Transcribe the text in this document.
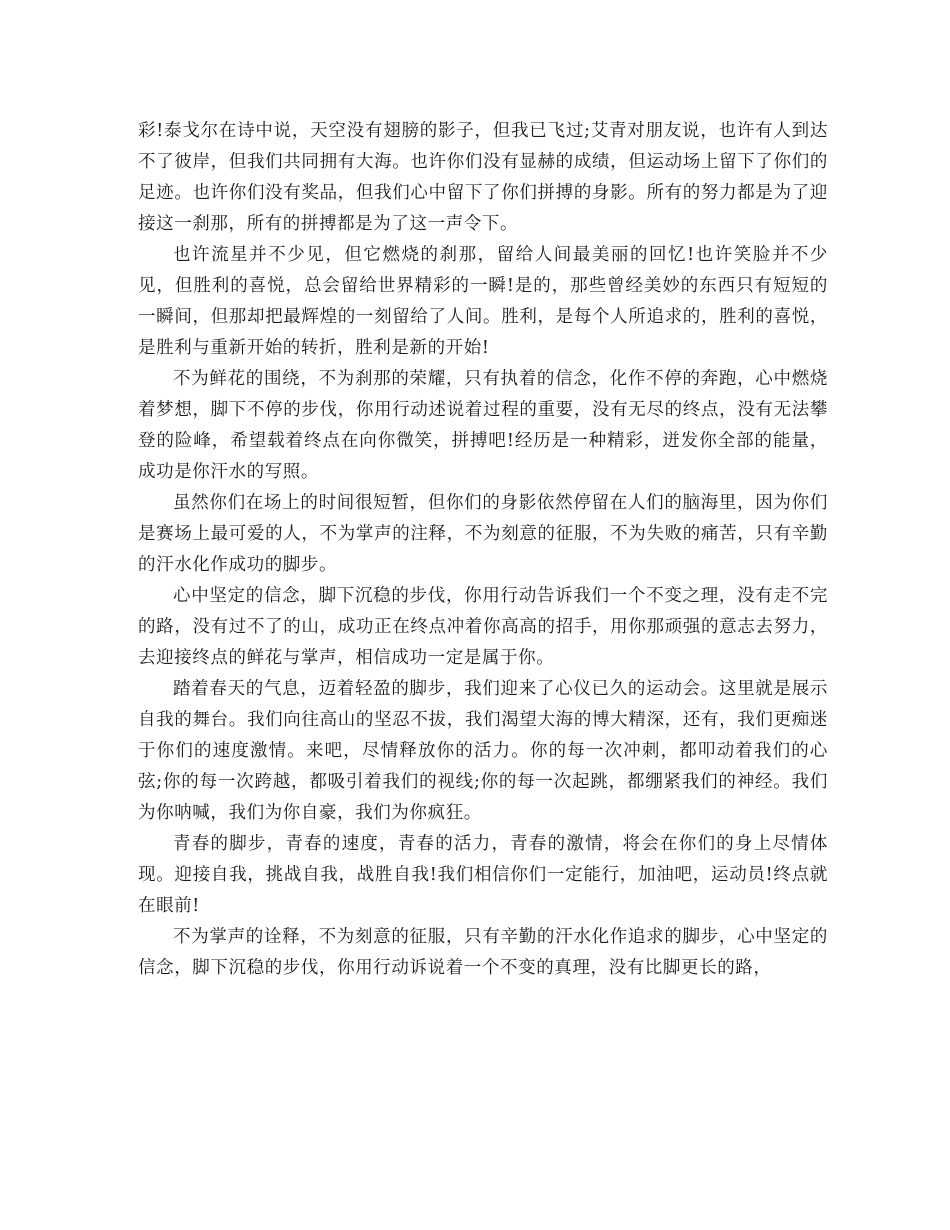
彩!泰戈尔在诗中说，天空没有翅膀的影子，但我已飞过;艾青对朋友说，也许有人到达不了彼岸，但我们共同拥有大海。也许你们没有显赫的成绩，但运动场上留下了你们的足迹。也许你们没有奖品，但我们心中留下了你们拼搏的身影。所有的努力都是为了迎接这一刹那，所有的拼搏都是为了这一声令下。

也许流星并不少见，但它燃烧的刹那，留给人间最美丽的回忆!也许笑脸并不少见，但胜利的喜悦，总会留给世界精彩的一瞬!是的，那些曾经美妙的东西只有短短的一瞬间，但那却把最辉煌的一刻留给了人间。胜利，是每个人所追求的，胜利的喜悦，是胜利与重新开始的转折，胜利是新的开始!

不为鲜花的围绕，不为刹那的荣耀，只有执着的信念，化作不停的奔跑，心中燃烧着梦想，脚下不停的步伐，你用行动述说着过程的重要，没有无尽的终点，没有无法攀登的险峰，希望载着终点在向你微笑，拼搏吧!经历是一种精彩，迸发你全部的能量，成功是你汗水的写照。

虽然你们在场上的时间很短暂，但你们的身影依然停留在人们的脑海里，因为你们是赛场上最可爱的人，不为掌声的注释，不为刻意的征服，不为失败的痛苦，只有辛勤的汗水化作成功的脚步。

心中坚定的信念，脚下沉稳的步伐，你用行动告诉我们一个不变之理，没有走不完的路，没有过不了的山，成功正在终点冲着你高高的招手，用你那顽强的意志去努力，去迎接终点的鲜花与掌声，相信成功一定是属于你。

踏着春天的气息，迈着轻盈的脚步，我们迎来了心仪已久的运动会。这里就是展示自我的舞台。我们向往高山的坚忍不拔，我们渴望大海的博大精深，还有，我们更痴迷于你们的速度激情。来吧，尽情释放你的活力。你的每一次冲刺，都叩动着我们的心弦;你的每一次跨越，都吸引着我们的视线;你的每一次起跳，都绷紧我们的神经。我们为你呐喊，我们为你自豪，我们为你疯狂。

青春的脚步，青春的速度，青春的活力，青春的激情，将会在你们的身上尽情体现。迎接自我，挑战自我，战胜自我!我们相信你们一定能行，加油吧，运动员!终点就在眼前!

不为掌声的诠释，不为刻意的征服，只有辛勤的汗水化作追求的脚步，心中坚定的信念，脚下沉稳的步伐，你用行动诉说着一个不变的真理，没有比脚更长的路，
